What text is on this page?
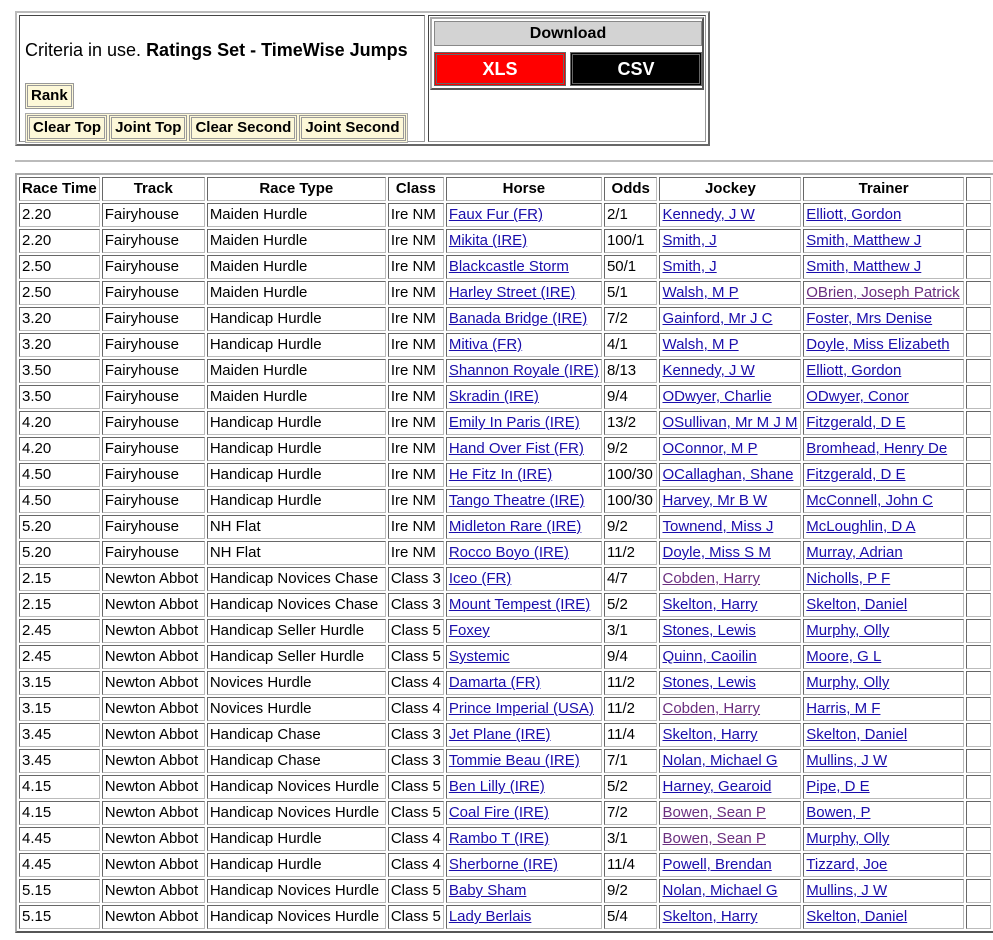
Criteria in use. Ratings Set - TimeWise Jumps
Rank
Clear Top Joint Top Clear Second Joint Second
Download
XLS	CSV
Race Time	Track	Race Type	Class	Horse	Odds	Jockey	Trainer	
2.20	Fairyhouse	Maiden Hurdle	Ire NM	Faux Fur (FR)	2/1	Kennedy, J W	Elliott, Gordon	
2.20	Fairyhouse	Maiden Hurdle	Ire NM	Mikita (IRE)	100/1	Smith, J	Smith, Matthew J	
2.50	Fairyhouse	Maiden Hurdle	Ire NM	Blackcastle Storm	50/1	Smith, J	Smith, Matthew J	
2.50	Fairyhouse	Maiden Hurdle	Ire NM	Harley Street (IRE)	5/1	Walsh, M P	OBrien, Joseph Patrick	
3.20	Fairyhouse	Handicap Hurdle	Ire NM	Banada Bridge (IRE)	7/2	Gainford, Mr J C	Foster, Mrs Denise	
3.20	Fairyhouse	Handicap Hurdle	Ire NM	Mitiva (FR)	4/1	Walsh, M P	Doyle, Miss Elizabeth	
3.50	Fairyhouse	Maiden Hurdle	Ire NM	Shannon Royale (IRE)	8/13	Kennedy, J W	Elliott, Gordon	
3.50	Fairyhouse	Maiden Hurdle	Ire NM	Skradin (IRE)	9/4	ODwyer, Charlie	ODwyer, Conor	
4.20	Fairyhouse	Handicap Hurdle	Ire NM	Emily In Paris (IRE)	13/2	OSullivan, Mr M J M	Fitzgerald, D E	
4.20	Fairyhouse	Handicap Hurdle	Ire NM	Hand Over Fist (FR)	9/2	OConnor, M P	Bromhead, Henry De	
4.50	Fairyhouse	Handicap Hurdle	Ire NM	He Fitz In (IRE)	100/30	OCallaghan, Shane	Fitzgerald, D E	
4.50	Fairyhouse	Handicap Hurdle	Ire NM	Tango Theatre (IRE)	100/30	Harvey, Mr B W	McConnell, John C	
5.20	Fairyhouse	NH Flat	Ire NM	Midleton Rare (IRE)	9/2	Townend, Miss J	McLoughlin, D A	
5.20	Fairyhouse	NH Flat	Ire NM	Rocco Boyo (IRE)	11/2	Doyle, Miss S M	Murray, Adrian	
2.15	Newton Abbot	Handicap Novices Chase	Class 3	Iceo (FR)	4/7	Cobden, Harry	Nicholls, P F	
2.15	Newton Abbot	Handicap Novices Chase	Class 3	Mount Tempest (IRE)	5/2	Skelton, Harry	Skelton, Daniel	
2.45	Newton Abbot	Handicap Seller Hurdle	Class 5	Foxey	3/1	Stones, Lewis	Murphy, Olly	
2.45	Newton Abbot	Handicap Seller Hurdle	Class 5	Systemic	9/4	Quinn, Caoilin	Moore, G L	
3.15	Newton Abbot	Novices Hurdle	Class 4	Damarta (FR)	11/2	Stones, Lewis	Murphy, Olly	
3.15	Newton Abbot	Novices Hurdle	Class 4	Prince Imperial (USA)	11/2	Cobden, Harry	Harris, M F	
3.45	Newton Abbot	Handicap Chase	Class 3	Jet Plane (IRE)	11/4	Skelton, Harry	Skelton, Daniel	
3.45	Newton Abbot	Handicap Chase	Class 3	Tommie Beau (IRE)	7/1	Nolan, Michael G	Mullins, J W	
4.15	Newton Abbot	Handicap Novices Hurdle	Class 5	Ben Lilly (IRE)	5/2	Harney, Gearoid	Pipe, D E	
4.15	Newton Abbot	Handicap Novices Hurdle	Class 5	Coal Fire (IRE)	7/2	Bowen, Sean P	Bowen, P	
4.45	Newton Abbot	Handicap Hurdle	Class 4	Rambo T (IRE)	3/1	Bowen, Sean P	Murphy, Olly	
4.45	Newton Abbot	Handicap Hurdle	Class 4	Sherborne (IRE)	11/4	Powell, Brendan	Tizzard, Joe	
5.15	Newton Abbot	Handicap Novices Hurdle	Class 5	Baby Sham	9/2	Nolan, Michael G	Mullins, J W	
5.15	Newton Abbot	Handicap Novices Hurdle	Class 5	Lady Berlais	5/4	Skelton, Harry	Skelton, Daniel	
